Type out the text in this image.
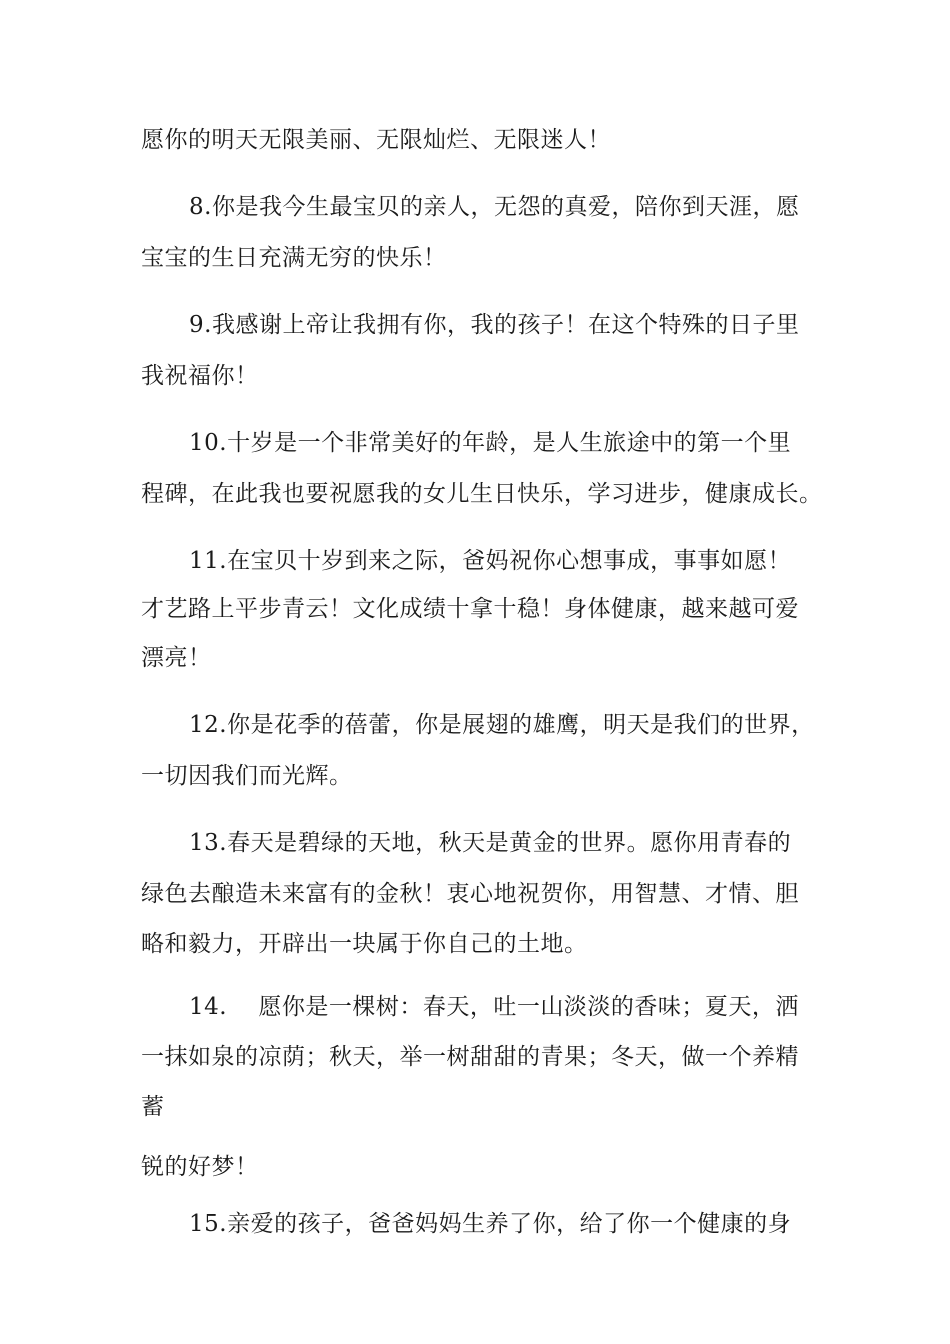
愿你的明天无限美丽、无限灿烂、无限迷人！
8.你是我今生最宝贝的亲人，无怨的真爱，陪你到天涯，愿
宝宝的生日充满无穷的快乐！
9.我感谢上帝让我拥有你，我的孩子！在这个特殊的日子里
我祝福你！
10.十岁是一个非常美好的年龄，是人生旅途中的第一个里
程碑，在此我也要祝愿我的女儿生日快乐，学习进步，健康成长。
11.在宝贝十岁到来之际，爸妈祝你心想事成，事事如愿！
才艺路上平步青云！文化成绩十拿十稳！身体健康，越来越可爱
漂亮！
12.你是花季的蓓蕾，你是展翅的雄鹰，明天是我们的世界，
一切因我们而光辉。
13.春天是碧绿的天地，秋天是黄金的世界。愿你用青春的
绿色去酿造未来富有的金秋！衷心地祝贺你，用智慧、才情、胆
略和毅力，开辟出一块属于你自己的土地。
14.    愿你是一棵树：春天，吐一山淡淡的香味；夏天，洒
一抹如泉的凉荫；秋天，举一树甜甜的青果；冬天，做一个养精
蓄
锐的好梦！
15.亲爱的孩子，爸爸妈妈生养了你，给了你一个健康的身
